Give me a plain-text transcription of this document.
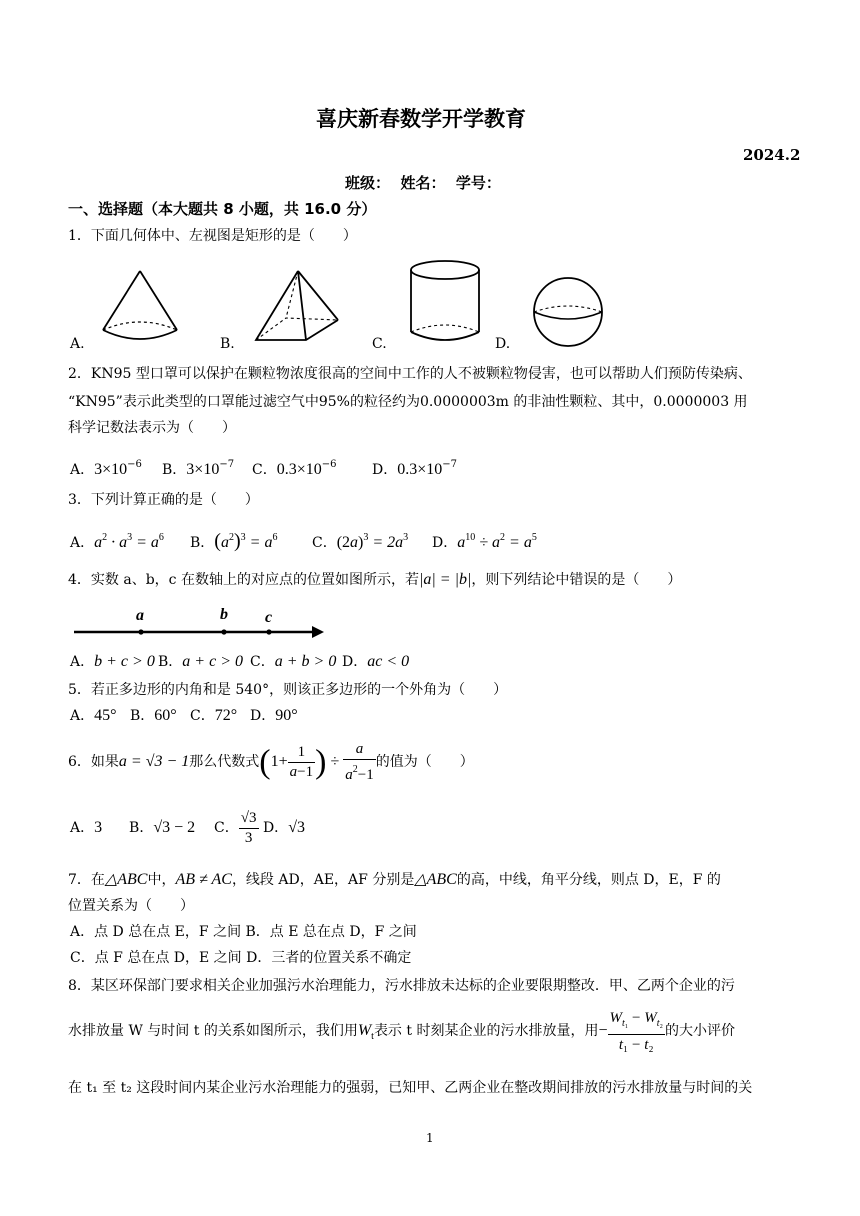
喜庆新春数学开学教育
2024.2
班级：  姓名：  学号：
一、选择题（本大题共 8 小题，共 16.0 分）
1．下面几何体中、左视图是矩形的是（　　）
A.	B.	C.	D.
2．KN95 型口罩可以保护在颗粒物浓度很高的空间中工作的人不被颗粒物侵害，也可以帮助人们预防传染病、
“KN95”表示此类型的口罩能过滤空气中95%的粒径约为0.0000003m 的非油性颗粒、其中，0.0000003 用
科学记数法表示为（　　）
A．$3\times 10^{-6}$ B．$3\times 10^{-7}$ C．$0.3\times 10^{-6}$	D．$0.3\times 10^{-7}$
3．下列计算正确的是（　　）
A．$a^2 \cdot a^3 = a^6$ B．$(a^2)^3 = a^6$ C．$(2a)^3 = 2a^3$ D．$a^{10} \div a^2 = a^5$
4．实数 a、b，c 在数轴上的对应点的位置如图所示，若|a| = |b|，则下列结论中错误的是（　　）
a	b c
A．b + c > 0 B．a + c > 0 C．a + b > 0 D．ac < 0
5．若正多边形的内角和是 540°，则该正多边形的一个外角为（　　）
A．45° B．60° C．72° D．90°
6．如果a = √3 − 1那么代数式($1+ \frac{1}{a-1}$ ) ÷ $\frac{a}{a^2-1}$ 的值为（　　）
A．3 B．√3 − 2 C． $\frac{√3}{3}$ D．√3
7．在△ABC中，AB ≠ AC，线段 AD，AE，AF 分别是△ABC的高，中线，角平分线，则点 D，E，F 的
位置关系为（　　）
A．点 D 总在点 E，F 之间 B．点 E 总在点 D，F 之间
C．点 F 总在点 D，E 之间 D．三者的位置关系不确定
8．某区环保部门要求相关企业加强污水治理能力，污水排放未达标的企业要限期整改．甲、乙两个企业的污
水排放量 W 与时间 t 的关系如图所示，我们用$W_t$表示 t 时刻某企业的污水排放量，用− $\frac{W_{t_1} - W_{t_2}}{\text{t₁ − t₂}}$ 的大小评价
在 t₁ 至 t₂ 这段时间内某企业污水治理能力的强弱，已知甲、乙两企业在整改期间排放的污水排放量与时间的关
1
